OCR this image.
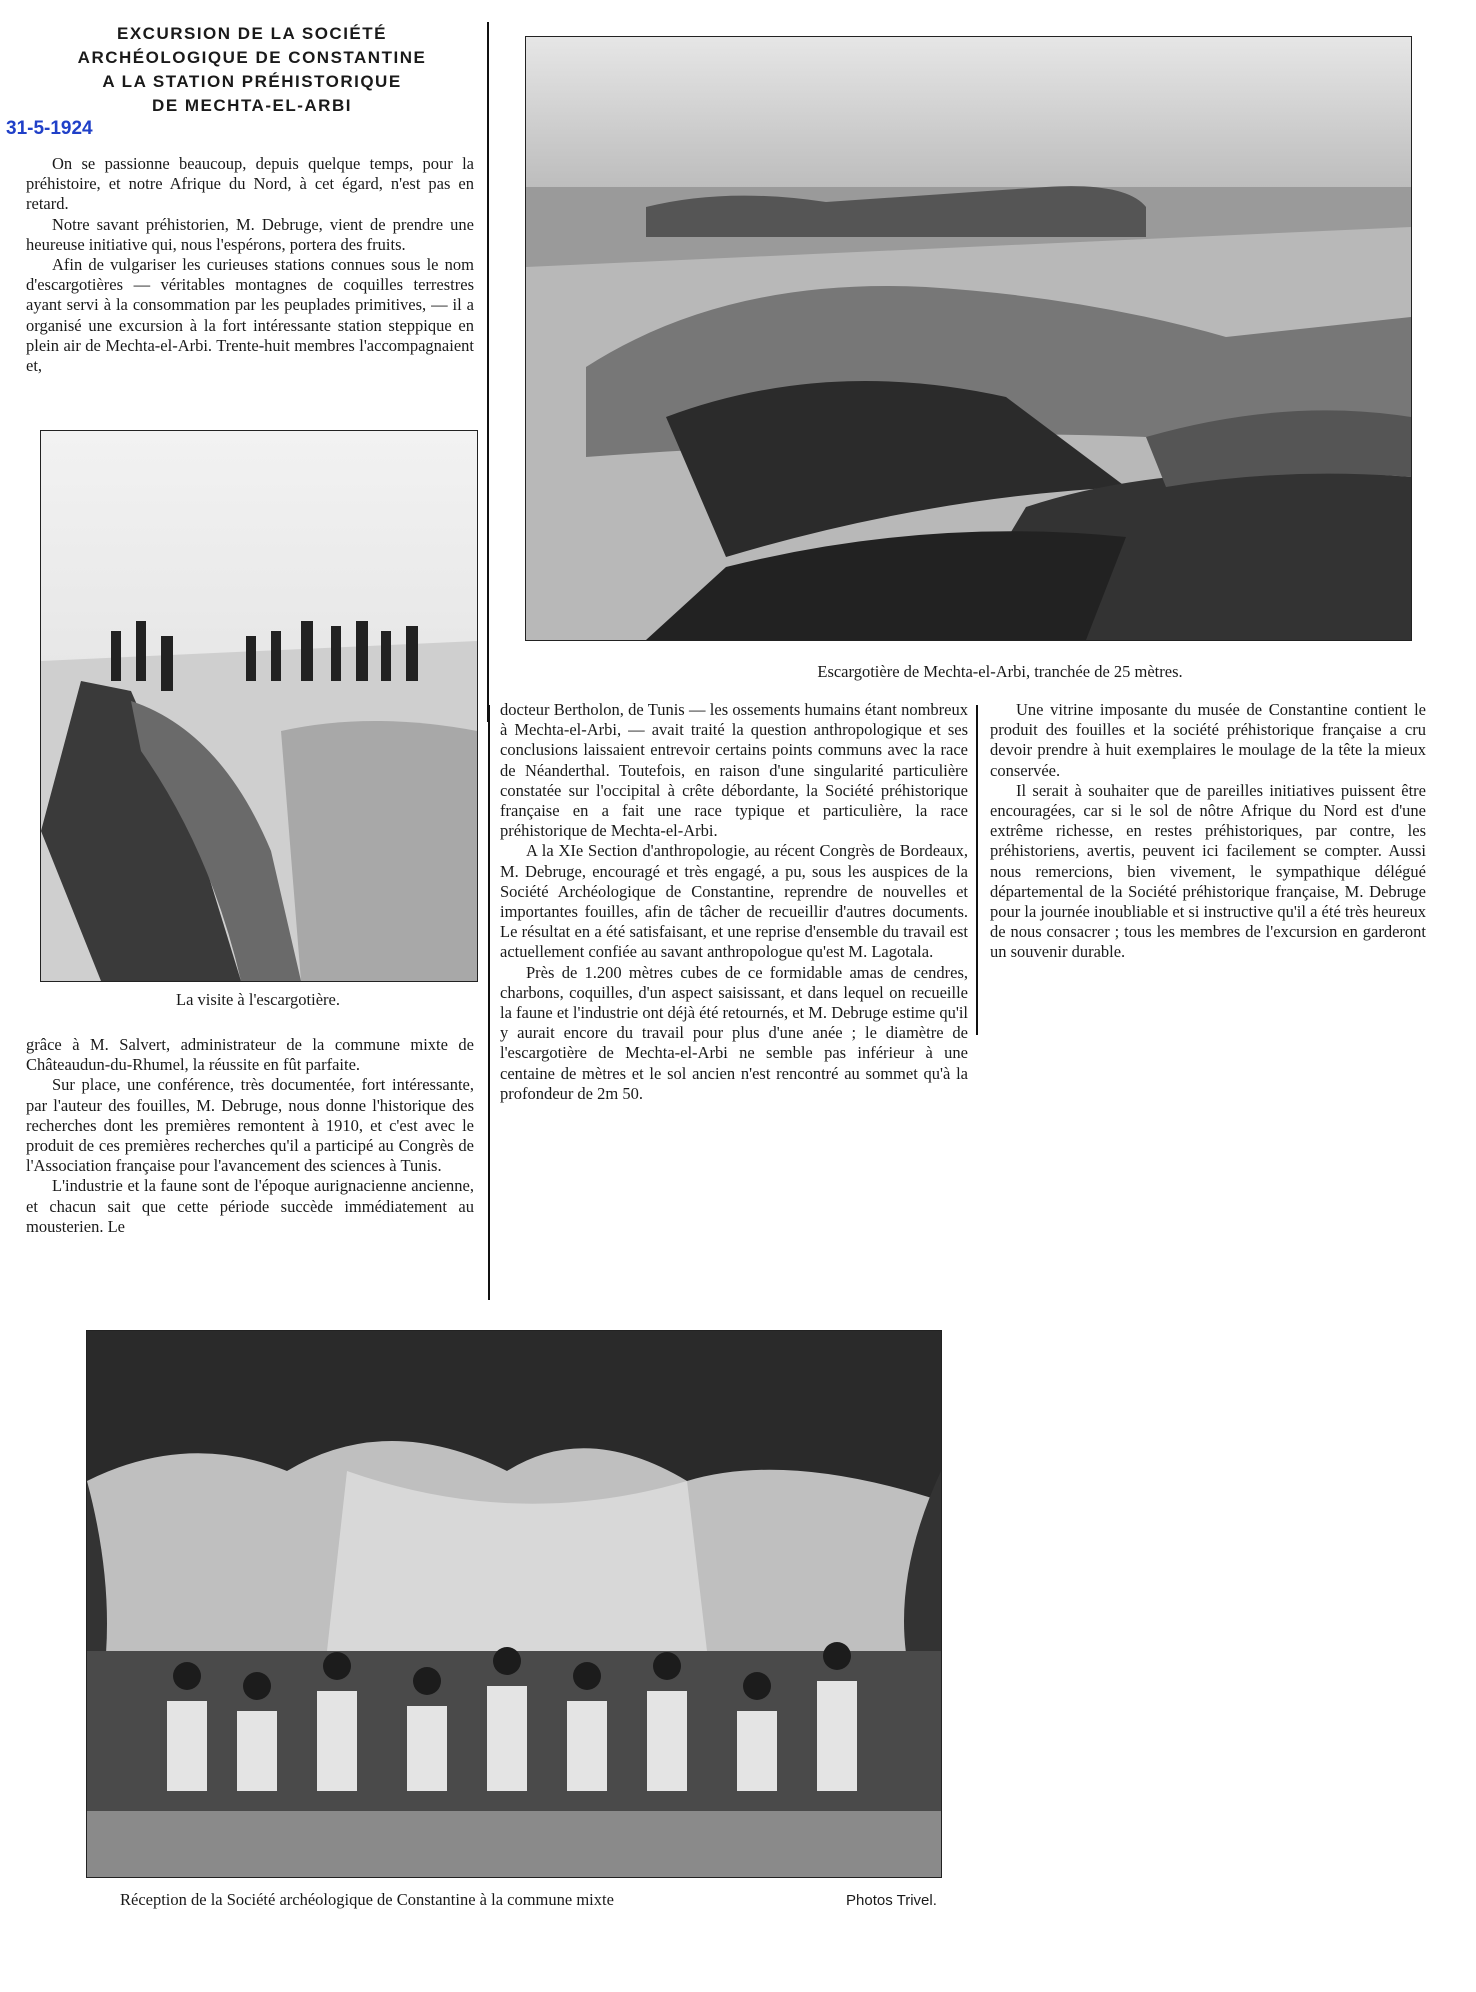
EXCURSION DE LA SOCIÉTÉ
ARCHÉOLOGIQUE DE CONSTANTINE
A LA STATION PRÉHISTORIQUE
DE MECHTA-EL-ARBI
31-5-1924

On se passionne beaucoup, depuis quelque temps, pour la préhistoire, et notre Afrique du Nord, à cet égard, n'est pas en retard.

Notre savant préhistorien, M. Debruge, vient de prendre une heureuse initiative qui, nous l'espérons, portera des fruits.

Afin de vulgariser les curieuses stations connues sous le nom d'escargotières — véritables montagnes de coquilles terrestres ayant servi à la consommation par les peuplades primitives, — il a organisé une excursion à la fort intéressante station steppique en plein air de Mechta-el-Arbi. Trente-huit membres l'accompagnaient et,

Escargotière de Mechta-el-Arbi, tranchée de 25 mètres.
La visite à l'escargotière.

grâce à M. Salvert, administrateur de la commune mixte de Châteaudun-du-Rhumel, la réussite en fût parfaite.

Sur place, une conférence, très documentée, fort intéressante, par l'auteur des fouilles, M. Debruge, nous donne l'historique des recherches dont les premières remontent à 1910, et c'est avec le produit de ces premières recherches qu'il a participé au Congrès de l'Association française pour l'avancement des sciences à Tunis.

L'industrie et la faune sont de l'époque aurignacienne ancienne, et chacun sait que cette période succède immédiatement au mousterien. Le

docteur Bertholon, de Tunis — les ossements humains étant nombreux à Mechta-el-Arbi, — avait traité la question anthropologique et ses conclusions laissaient entrevoir certains points communs avec la race de Néanderthal. Toutefois, en raison d'une singularité particulière constatée sur l'occipital à crête débordante, la Société préhistorique française en a fait une race typique et particulière, la race préhistorique de Mechta-el-Arbi.

A la XIe Section d'anthropologie, au récent Congrès de Bordeaux, M. Debruge, encouragé et très engagé, a pu, sous les auspices de la Société Archéologique de Constantine, reprendre de nouvelles et importantes fouilles, afin de tâcher de recueillir d'autres documents. Le résultat en a été satisfaisant, et une reprise d'ensemble du travail est actuellement confiée au savant anthropologue qu'est M. Lagotala.

Près de 1.200 mètres cubes de ce formidable amas de cendres, charbons, coquilles, d'un aspect saisissant, et dans lequel on recueille la faune et l'industrie ont déjà été retournés, et M. Debruge estime qu'il y aurait encore du travail pour plus d'une anée ; le diamètre de l'escargotière de Mechta-el-Arbi ne semble pas inférieur à une centaine de mètres et le sol ancien n'est rencontré au sommet qu'à la profondeur de 2m 50.

Une vitrine imposante du musée de Constantine contient le produit des fouilles et la société préhistorique française a cru devoir prendre à huit exemplaires le moulage de la tête la mieux conservée.

Il serait à souhaiter que de pareilles initiatives puissent être encouragées, car si le sol de nôtre Afrique du Nord est d'une extrême richesse, en restes préhistoriques, par contre, les préhistoriens, avertis, peuvent ici facilement se compter. Aussi nous remercions, bien vivement, le sympathique délégué départemental de la Société préhistorique française, M. Debruge pour la journée inoubliable et si instructive qu'il a été très heureux de nous consacrer ; tous les membres de l'excursion en garderont un souvenir durable.

Réception de la Société archéologique de Constantine à la commune mixte	Photos Trivel.
